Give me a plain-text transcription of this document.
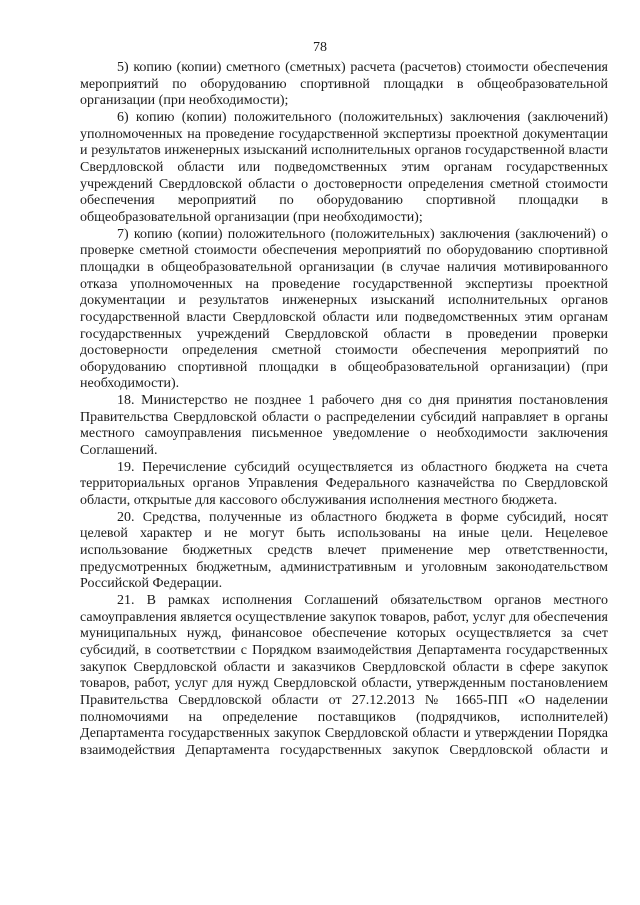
78

5) копию (копии) сметного (сметных) расчета (расчетов) стоимости обеспечения мероприятий по оборудованию спортивной площадки в общеобразовательной организации (при необходимости);

6) копию (копии) положительного (положительных) заключения (заключений) уполномоченных на проведение государственной экспертизы проектной документации и результатов инженерных изысканий исполнительных органов государственной власти Свердловской области или подведомственных этим органам государственных учреждений Свердловской области о достоверности определения сметной стоимости обеспечения мероприятий по оборудованию спортивной площадки в общеобразовательной организации (при необходимости);

7) копию (копии) положительного (положительных) заключения (заключений) о проверке сметной стоимости обеспечения мероприятий по оборудованию спортивной площадки в общеобразовательной организации (в случае наличия мотивированного отказа уполномоченных на проведение государственной экспертизы проектной документации и результатов инженерных изысканий исполнительных органов государственной власти Свердловской области или подведомственных этим органам государственных учреждений Свердловской области в проведении проверки достоверности определения сметной стоимости обеспечения мероприятий по оборудованию спортивной площадки в общеобразовательной организации) (при необходимости).

18. Министерство не позднее 1 рабочего дня со дня принятия постановления Правительства Свердловской области о распределении субсидий направляет в органы местного самоуправления письменное уведомление о необходимости заключения Соглашений.

19. Перечисление субсидий осуществляется из областного бюджета на счета территориальных органов Управления Федерального казначейства по Свердловской области, открытые для кассового обслуживания исполнения местного бюджета.

20. Средства, полученные из областного бюджета в форме субсидий, носят целевой характер и не могут быть использованы на иные цели. Нецелевое использование бюджетных средств влечет применение мер ответственности, предусмотренных бюджетным, административным и уголовным законодательством Российской Федерации.

21. В рамках исполнения Соглашений обязательством органов местного самоуправления является осуществление закупок товаров, работ, услуг для обеспечения муниципальных нужд, финансовое обеспечение которых осуществляется за счет субсидий, в соответствии с Порядком взаимодействия Департамента государственных закупок Свердловской области и заказчиков Свердловской области в сфере закупок товаров, работ, услуг для нужд Свердловской области, утвержденным постановлением Правительства Свердловской области от 27.12.2013 № 1665-ПП «О наделении полномочиями на определение поставщиков (подрядчиков, исполнителей) Департамента государственных закупок Свердловской области и утверждении Порядка взаимодействия Департамента государственных закупок Свердловской области и
